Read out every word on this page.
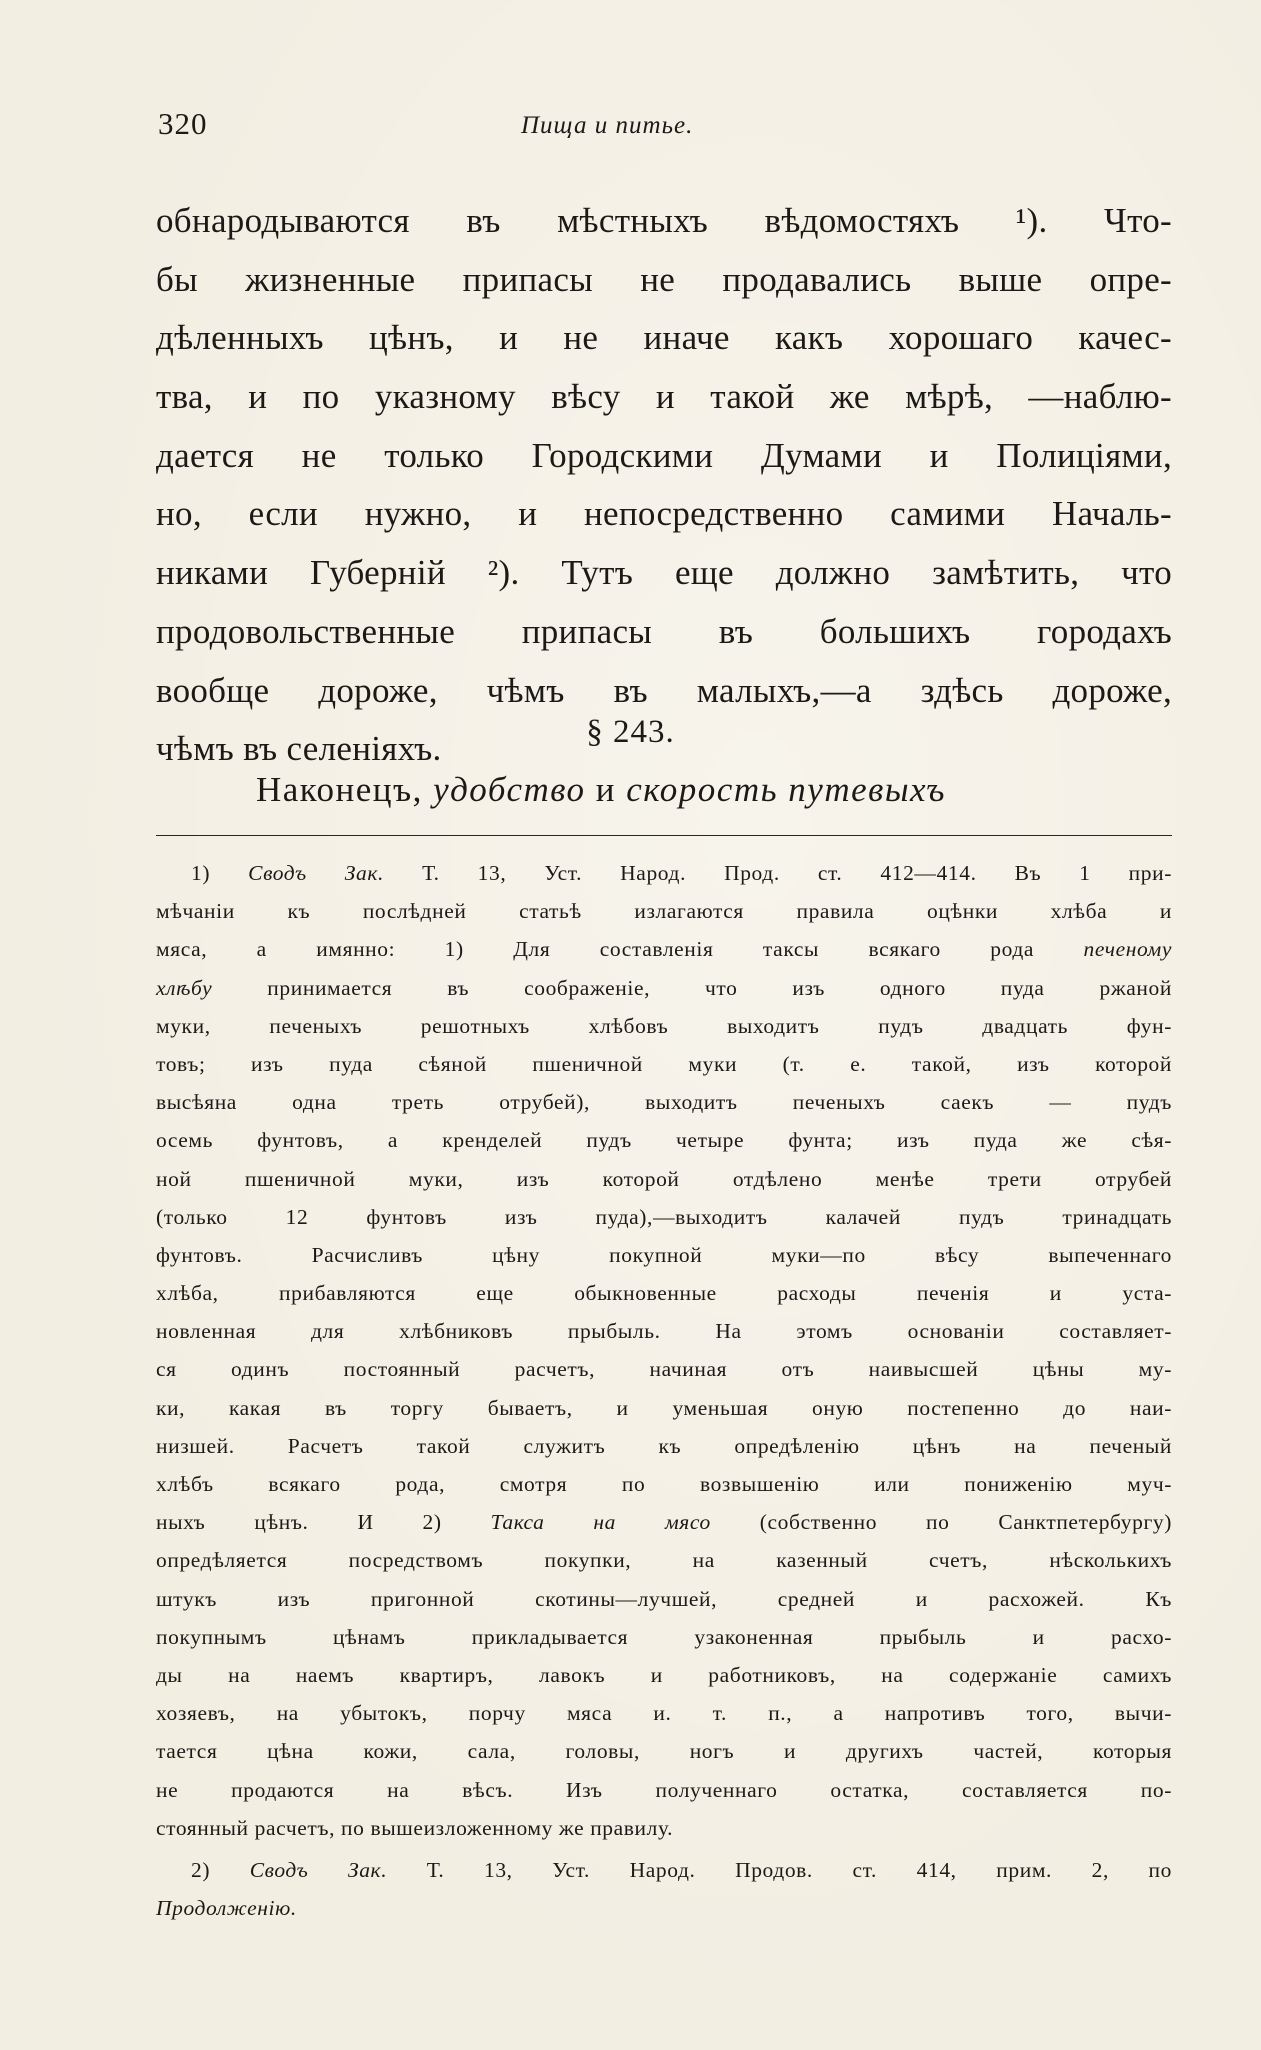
320	Пища и питье.
обнародываются въ мѣстныхъ вѣдомостяхъ ¹). Что-
бы жизненные припасы не продавались выше опре-
дѣленныхъ цѣнъ, и не иначе какъ хорошаго качес-
тва, и по указному вѣсу и такой же мѣрѣ, —наблю-
дается не только Городскими Думами и Полиціями,
но, если нужно, и непосредственно самими Началь-
никами Губерній ²). Тутъ еще должно замѣтить, что
продовольственные припасы въ большихъ городахъ
вообще дороже, чѣмъ въ малыхъ,—а здѣсь дороже,
чѣмъ въ селеніяхъ.	§ 243.
Наконецъ, удобство и скорость путевыхъ
1) Сводъ Зак. Т. 13, Уст. Народ. Прод. ст. 412—414. Въ 1 при-
мѣчаніи къ послѣдней статьѣ излагаются правила оцѣнки хлѣба и
мяса, а имянно: 1) Для составленія таксы всякаго рода печеному
хлѣбу принимается въ соображеніе, что изъ одного пуда ржаной
муки, печеныхъ решотныхъ хлѣбовъ выходитъ пудъ двадцать фун-
товъ; изъ пуда сѣяной пшеничной муки (т. е. такой, изъ которой
высѣяна одна треть отрубей), выходитъ печеныхъ саекъ — пудъ
осемь фунтовъ, а кренделей пудъ четыре фунта; изъ пуда же сѣя-
ной пшеничной муки, изъ которой отдѣлено менѣе трети отрубей
(только 12 фунтовъ изъ пуда),—выходитъ калачей пудъ тринадцать
фунтовъ. Расчисливъ цѣну покупной муки—по вѣсу выпеченнаго
хлѣба, прибавляются еще обыкновенные расходы печенія и уста-
новленная для хлѣбниковъ прыбыль. На этомъ основаніи составляет-
ся одинъ постоянный расчетъ, начиная отъ наивысшей цѣны му-
ки, какая въ торгу бываетъ, и уменьшая оную постепенно до наи-
низшей. Расчетъ такой служитъ къ опредѣленію цѣнъ на печеный
хлѣбъ всякаго рода, смотря по возвышенію или пониженію муч-
ныхъ цѣнъ. И 2) Такса на мясо (собственно по Санктпетербургу)
опредѣляется посредствомъ покупки, на казенный счетъ, нѣсколькихъ
штукъ изъ пригонной скотины—лучшей, средней и расхожей. Къ
покупнымъ цѣнамъ прикладывается узаконенная прыбыль и расхо-
ды на наемъ квартиръ, лавокъ и работниковъ, на содержаніе самихъ
хозяевъ, на убытокъ, порчу мяса и. т. п., а напротивъ того, вычи-
тается цѣна кожи, сала, головы, ногъ и другихъ частей, которыя
не продаются на вѣсъ. Изъ полученнаго остатка, составляется по-
стоянный расчетъ, по вышеизложенному же правилу.
2) Сводъ Зак. Т. 13, Уст. Народ. Продов. ст. 414, прим. 2, по
Продолженію.
